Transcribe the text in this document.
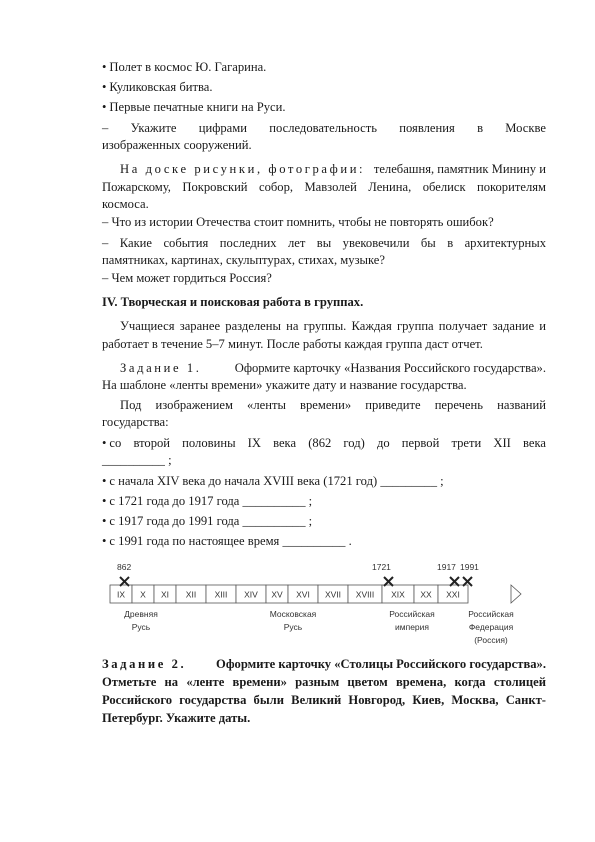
• Полет в космос Ю. Гагарина.
• Куликовская битва.
• Первые печатные книги на Руси.
– Укажите цифрами последовательность появления в Москве
изображенных сооружений.
На доске рисунки, фотографии: телебашня, памятник Минину и
Пожарскому, Покровский собор, Мавзолей Ленина, обелиск покорителям
космоса.
– Что из истории Отечества стоит помнить, чтобы не повторять ошибок?
– Какие события последних лет вы увековечили бы в архитектурных
памятниках, картинах, скульптурах, стихах, музыке?
– Чем может гордиться Россия?
IV. Творческая и поисковая работа в группах.
Учащиеся заранее разделены на группы. Каждая группа получает задание и
работает в течение 5–7 минут. После работы каждая группа даст отчет.
Задание 1.	Оформите карточку «Названия Российского государства».
На шаблоне «ленты времени» укажите дату и название государства.
Под изображением «ленты времени» приведите перечень названий
государства:
• со второй половины IX века (862 год) до первой трети XII века
__________ ;
• с начала XIV века до начала XVIII века (1721 год) _________ ;
• с 1721 года до 1917 года __________ ;
• с 1917 года до 1991 года __________ ;
• с 1991 года по настоящее время __________ .
IX X XI XII XIII XIV XV XVI XVII XVIII XIX XX XXI
862	1721	1917 1991
Древняя
Русь
Московская
Русь
Российская
империя
Российская
Федерация
(Россия)
Задание 2. Оформите карточку «Столицы Российского государства».
Отметьте на «ленте времени» разным цветом времена, когда столицей
Российского государства были Великий Новгород, Киев, Москва, Санкт-
Петербург. Укажите даты.
